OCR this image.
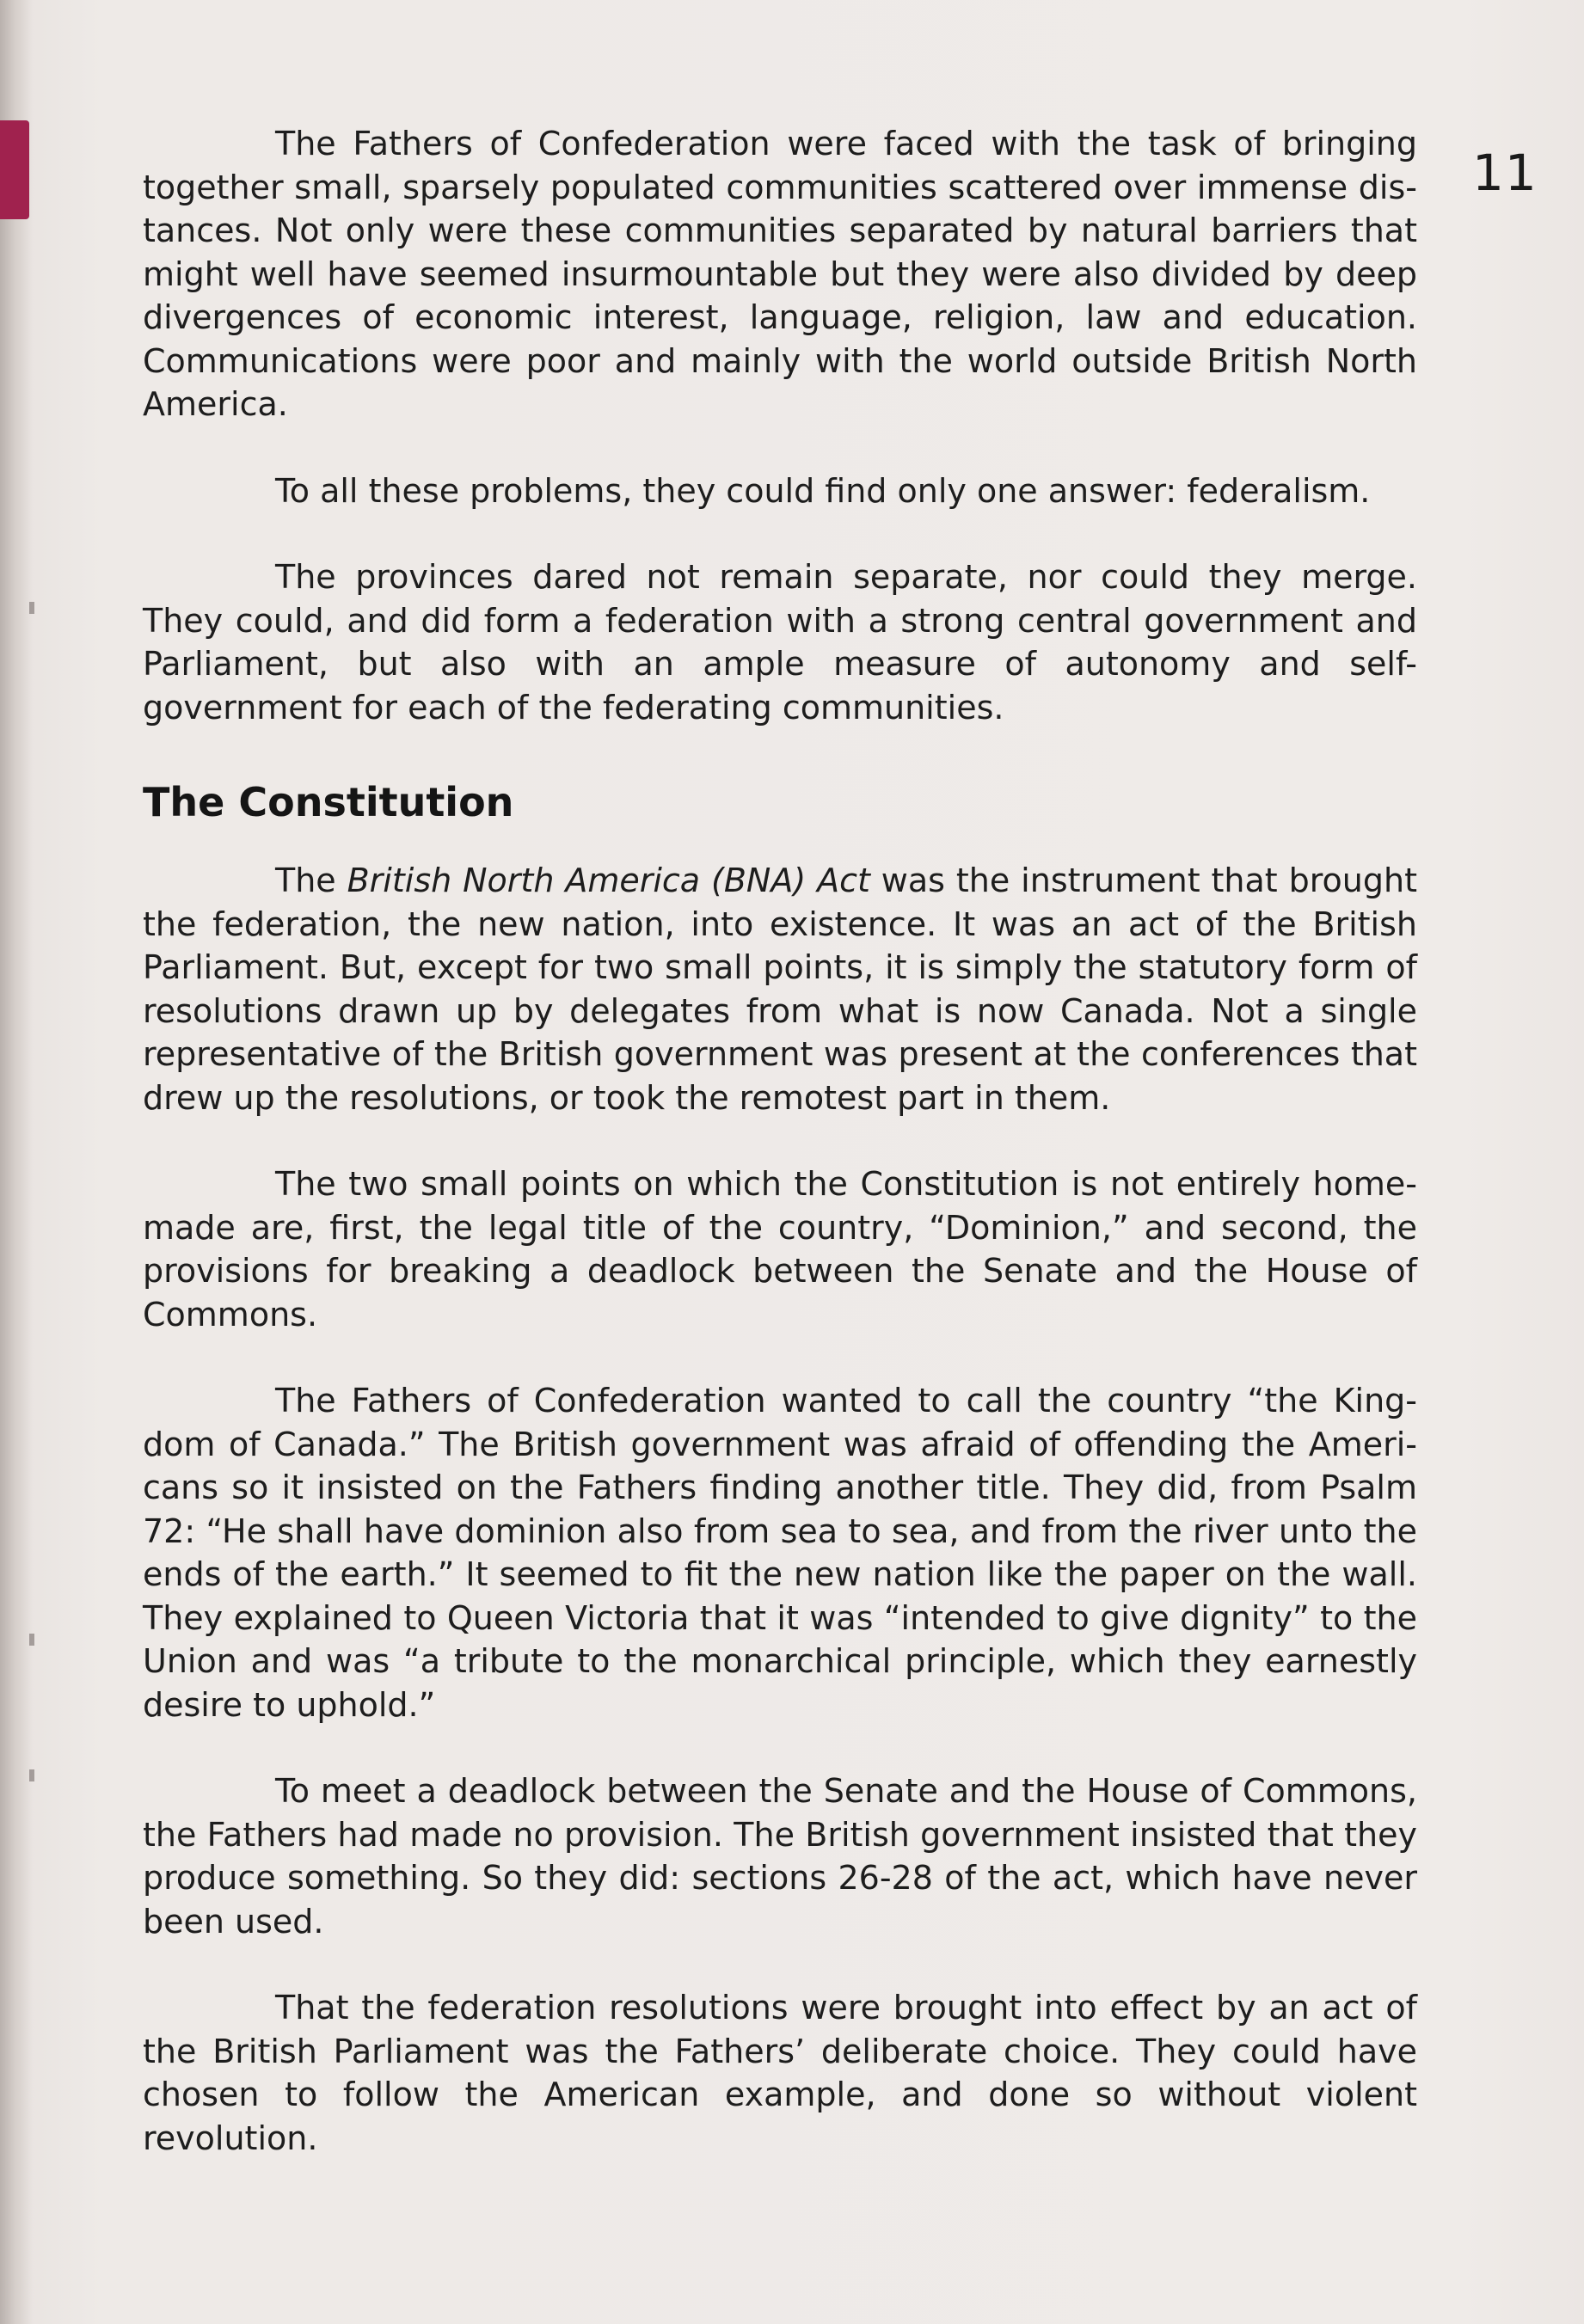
11

The Fathers of Confederation were faced with the task of bringing together small, sparsely populated communities scattered over immense distances. Not only were these communities separated by natural barriers that might well have seemed insurmountable but they were also divided by deep divergences of economic interest, language, religion, law and education. Communications were poor and mainly with the world outside British North America.

To all these problems, they could find only one answer: federalism.

The provinces dared not remain separate, nor could they merge. They could, and did form a federation with a strong central government and Parliament, but also with an ample measure of autonomy and self-government for each of the federating communities.

The Constitution

The British North America (BNA) Act was the instrument that brought the federation, the new nation, into existence. It was an act of the British Parliament. But, except for two small points, it is simply the statutory form of resolutions drawn up by delegates from what is now Canada. Not a single representative of the British government was present at the conferences that drew up the resolutions, or took the remotest part in them.

The two small points on which the Constitution is not entirely homemade are, first, the legal title of the country, “Dominion,” and second, the provisions for breaking a deadlock between the Senate and the House of Commons.

The Fathers of Confederation wanted to call the country “the Kingdom of Canada.” The British government was afraid of offending the Americans so it insisted on the Fathers finding another title. They did, from Psalm 72: “He shall have dominion also from sea to sea, and from the river unto the ends of the earth.” It seemed to fit the new nation like the paper on the wall. They explained to Queen Victoria that it was “intended to give dignity” to the Union and was “a tribute to the monarchical principle, which they earnestly desire to uphold.”

To meet a deadlock between the Senate and the House of Commons, the Fathers had made no provision. The British government insisted that they produce something. So they did: sections 26-28 of the act, which have never been used.

That the federation resolutions were brought into effect by an act of the British Parliament was the Fathers’ deliberate choice. They could have chosen to follow the American example, and done so without violent revolution.
